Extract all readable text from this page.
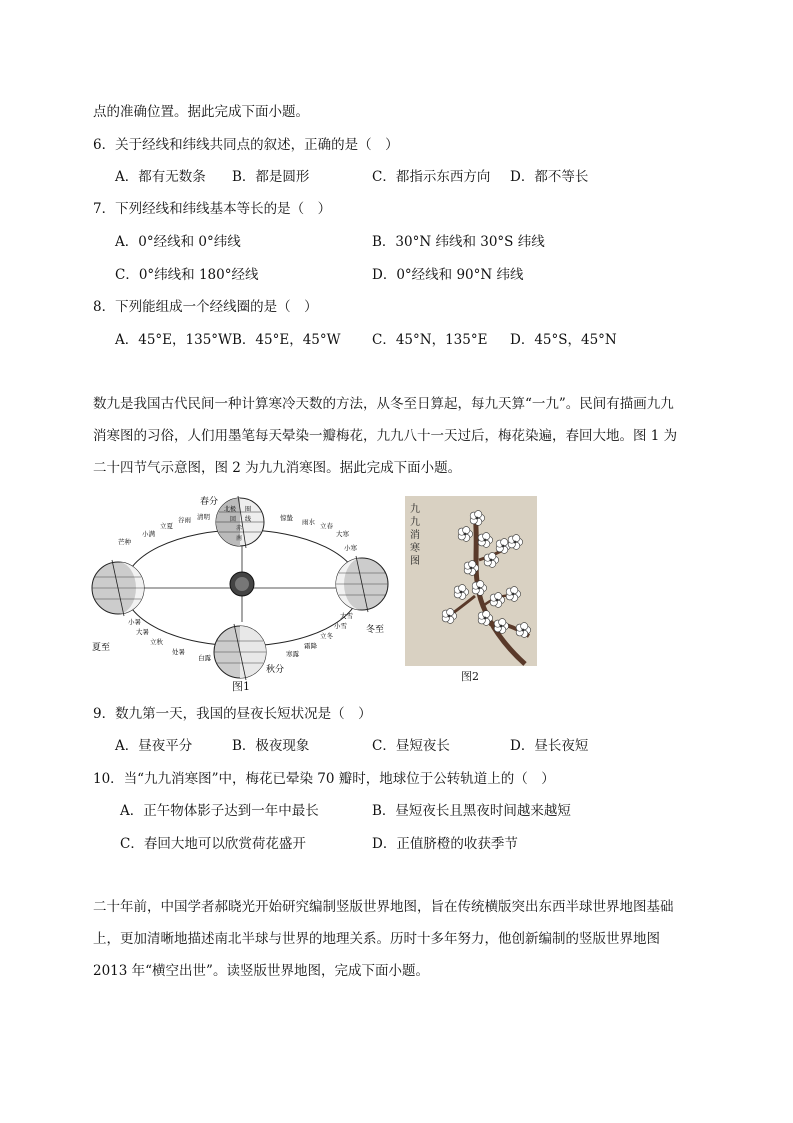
点的准确位置。据此完成下面小题。
6．关于经线和纬线共同点的叙述，正确的是（　）
A．都有无数条 B．都是圆形	C．都指示东西方向 D．都不等长
7．下列经线和纬线基本等长的是（　）
A．0°经线和 0°纬线	B．30°N 纬线和 30°S 纬线
C．0°纬线和 180°经线	D．0°经线和 90°N 纬线
8．下列能组成一个经线圈的是（　）
A．45°E，135°W B．45°E，45°W C．45°N，135°E D．45°S，45°N
数九是我国古代民间一种计算寒冷天数的方法，从冬至日算起，每九天算“一九”。民间有描画九九
消寒图的习俗，人们用墨笔每天晕染一瓣梅花，九九八十一天过后，梅花染遍，春回大地。图 1 为
二十四节气示意图，图 2 为九九消寒图。据此完成下面小题。
北 极 圈
回 线
赤
南
春分
夏至
秋分
冬至
芒种
小满
立夏
谷雨 清明	惊蛰 雨水 立春
大寒
小寒
小暑
大暑
立秋
处暑
白露	寒露
霜降
立冬
小雪
大雪
图1
九
九
消
寒
图
图2
9．数九第一天，我国的昼夜长短状况是（　）
A．昼夜平分	B．极夜现象	C．昼短夜长	D．昼长夜短
10．当“九九消寒图”中，梅花已晕染 70 瓣时，地球位于公转轨道上的（　）
A．正午物体影子达到一年中最长	B．昼短夜长且黑夜时间越来越短
C．春回大地可以欣赏荷花盛开	D．正值脐橙的收获季节
二十年前，中国学者郝晓光开始研究编制竖版世界地图，旨在传统横版突出东西半球世界地图基础
上，更加清晰地描述南北半球与世界的地理关系。历时十多年努力，他创新编制的竖版世界地图
2013 年“横空出世”。读竖版世界地图，完成下面小题。
